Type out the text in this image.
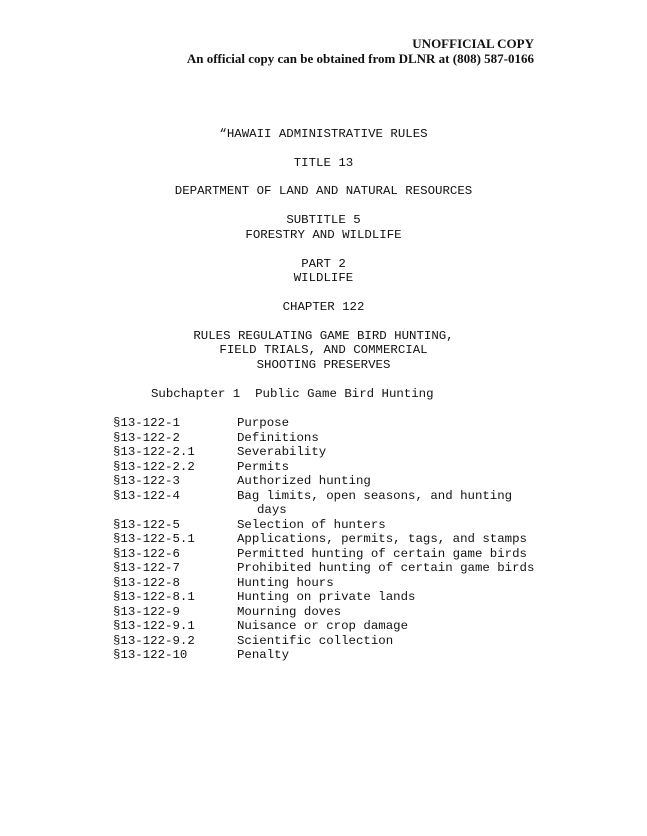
UNOFFICIAL COPY
An official copy can be obtained from DLNR at (808) 587-0166
“HAWAII ADMINISTRATIVE RULES
TITLE 13
DEPARTMENT OF LAND AND NATURAL RESOURCES
SUBTITLE 5
FORESTRY AND WILDLIFE
PART 2
WILDLIFE
CHAPTER 122
RULES REGULATING GAME BIRD HUNTING,
FIELD TRIALS, AND COMMERCIAL
SHOOTING PRESERVES
Subchapter 1  Public Game Bird Hunting
§13-122-1	Purpose
§13-122-2	Definitions
§13-122-2.1	Severability
§13-122-2.2	Permits
§13-122-3	Authorized hunting
§13-122-4	Bag limits, open seasons, and hunting days
§13-122-5	Selection of hunters
§13-122-5.1	Applications, permits, tags, and stamps
§13-122-6	Permitted hunting of certain game birds
§13-122-7	Prohibited hunting of certain game birds
§13-122-8	Hunting hours
§13-122-8.1	Hunting on private lands
§13-122-9	Mourning doves
§13-122-9.1	Nuisance or crop damage
§13-122-9.2	Scientific collection
§13-122-10	Penalty
